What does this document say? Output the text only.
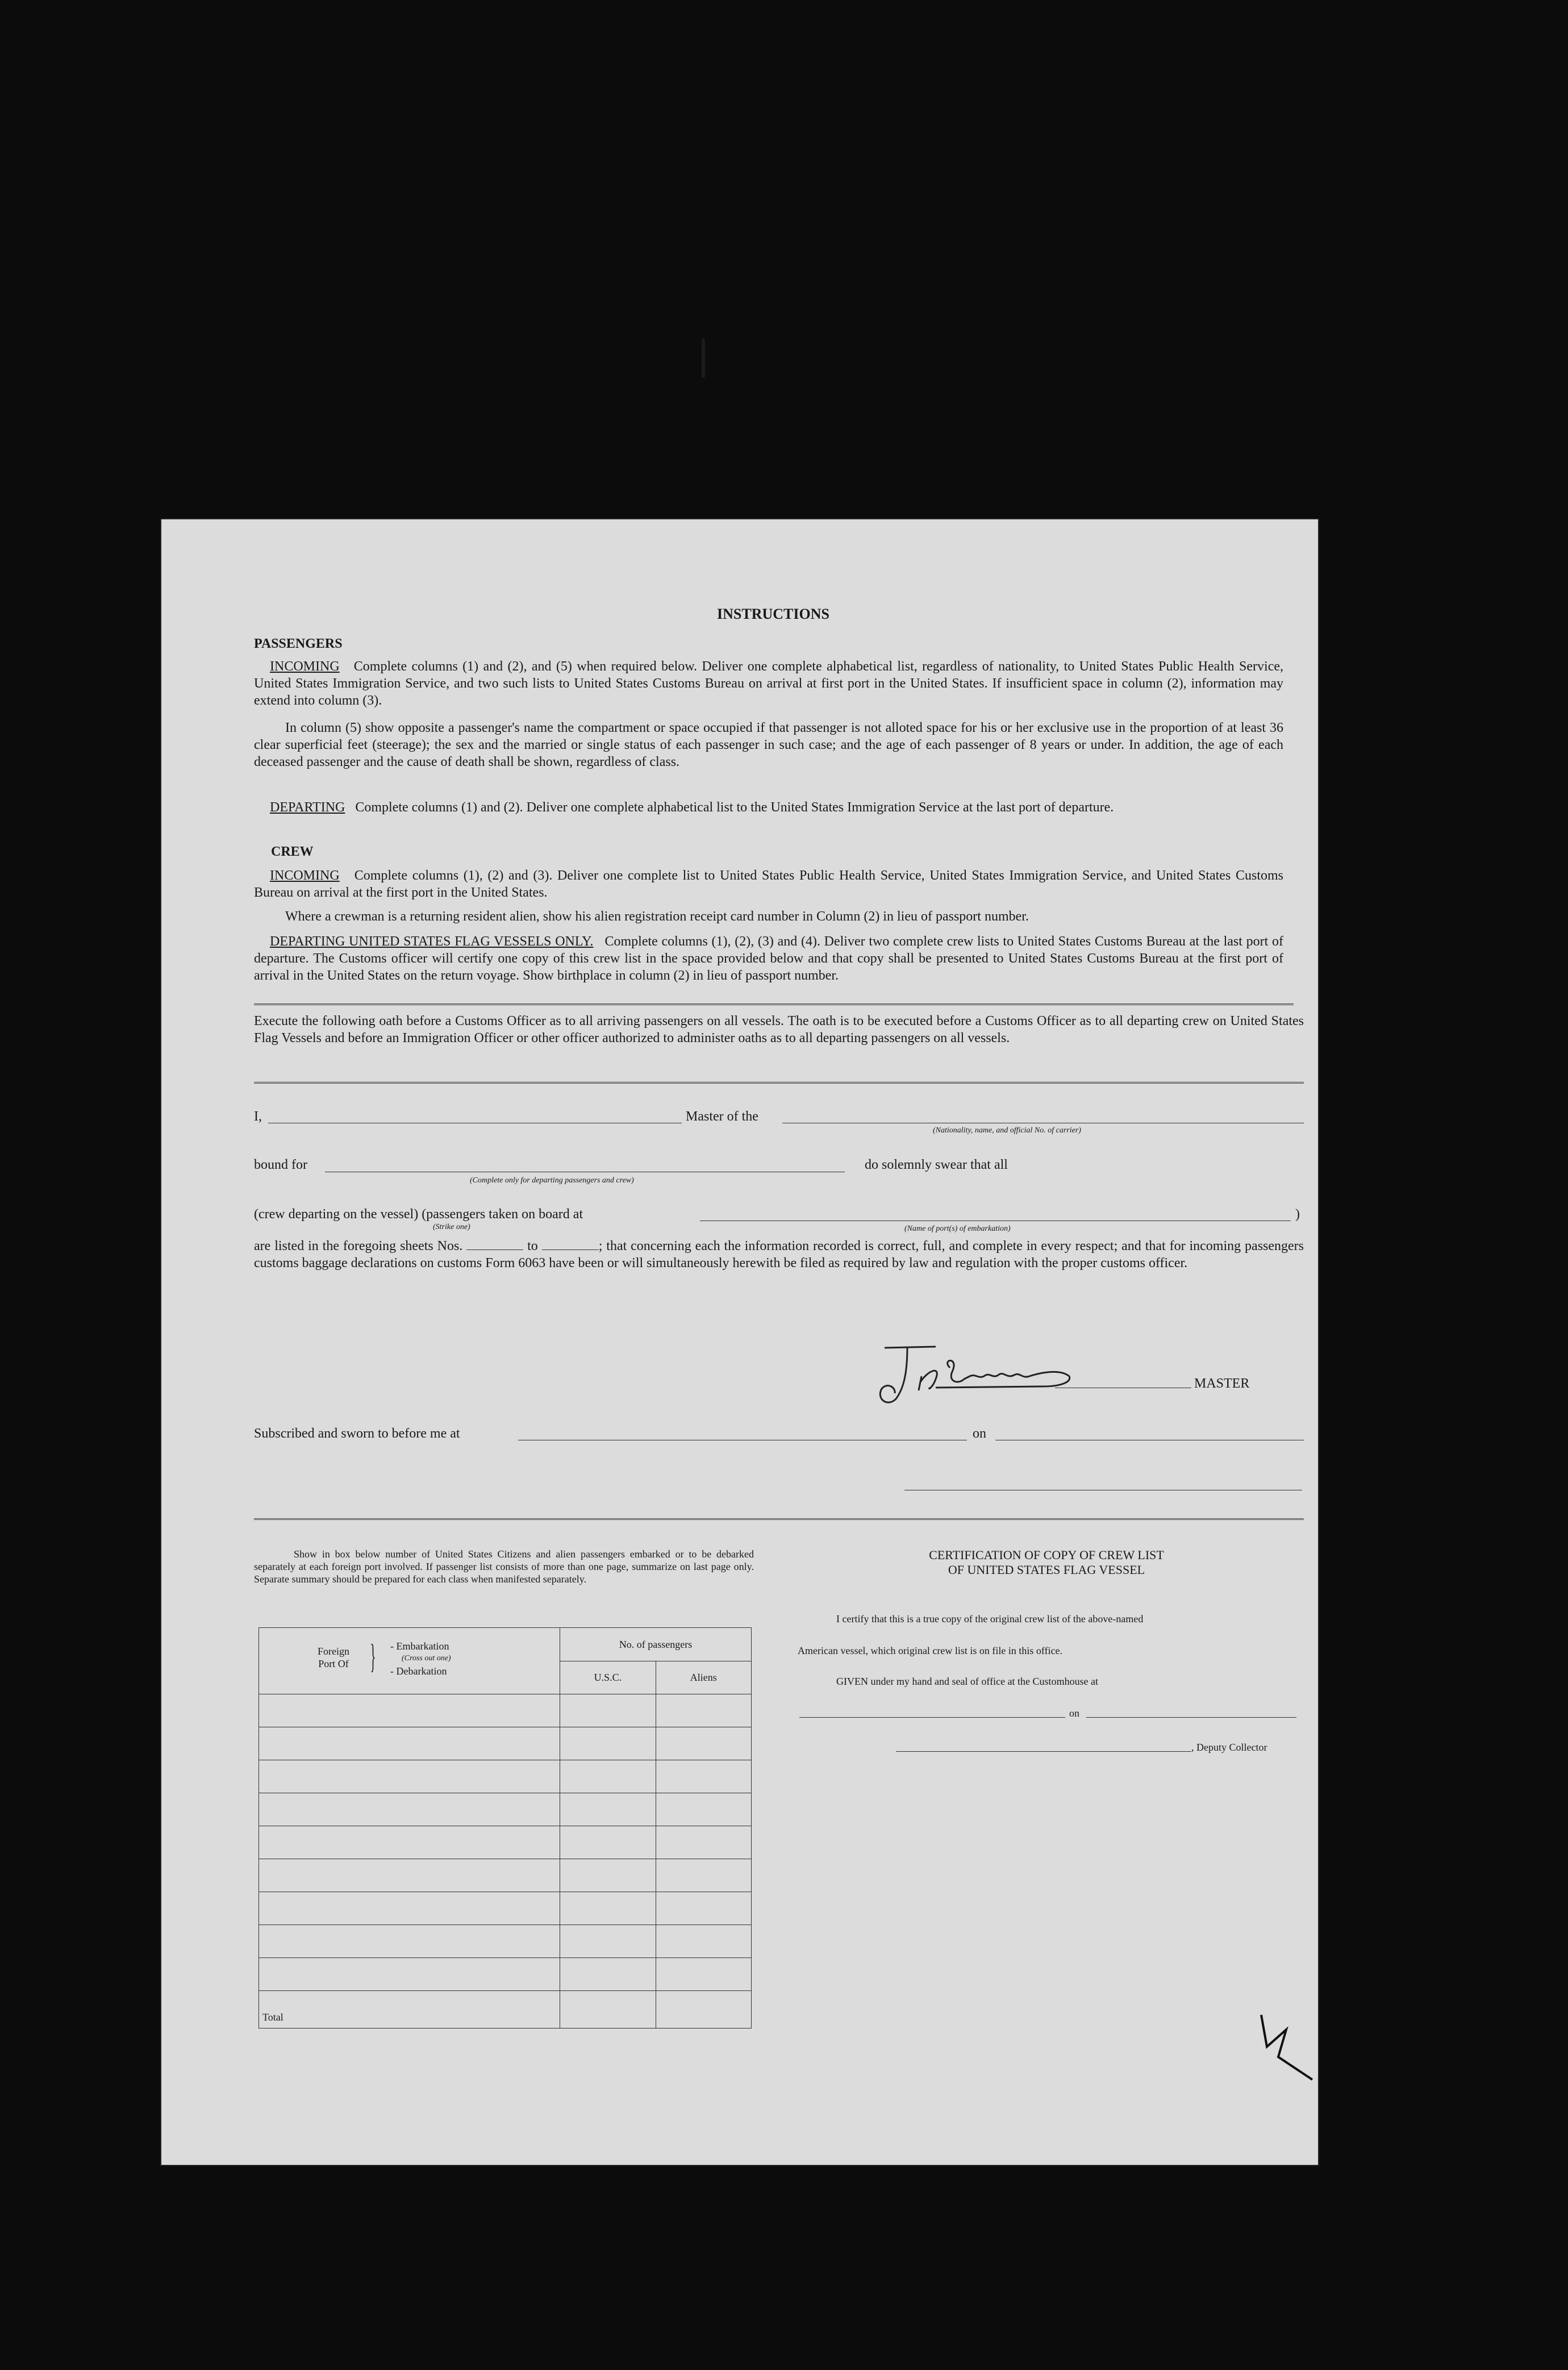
INSTRUCTIONS
PASSENGERS
INCOMING Complete columns (1) and (2), and (5) when required below. Deliver one complete alphabetical list, regardless of nationality, to United States Public Health Service, United States Immigration Service, and two such lists to United States Customs Bureau on arrival at first port in the United States. If insufficient space in column (2), information may extend into column (3).
In column (5) show opposite a passenger's name the compartment or space occupied if that passenger is not alloted space for his or her exclusive use in the proportion of at least 36 clear superficial feet (steerage); the sex and the married or single status of each passenger in such case; and the age of each passenger of 8 years or under. In addition, the age of each deceased passenger and the cause of death shall be shown, regardless of class.
DEPARTING Complete columns (1) and (2). Deliver one complete alphabetical list to the United States Immigration Service at the last port of departure.
CREW
INCOMING Complete columns (1), (2) and (3). Deliver one complete list to United States Public Health Service, United States Immigration Service, and United States Customs Bureau on arrival at the first port in the United States.
Where a crewman is a returning resident alien, show his alien registration receipt card number in Column (2) in lieu of passport number.
DEPARTING UNITED STATES FLAG VESSELS ONLY. Complete columns (1), (2), (3) and (4). Deliver two complete crew lists to United States Customs Bureau at the last port of departure. The Customs officer will certify one copy of this crew list in the space provided below and that copy shall be presented to United States Customs Bureau at the first port of arrival in the United States on the return voyage. Show birthplace in column (2) in lieu of passport number.
Execute the following oath before a Customs Officer as to all arriving passengers on all vessels. The oath is to be executed before a Customs Officer as to all departing crew on United States Flag Vessels and before an Immigration Officer or other officer authorized to administer oaths as to all departing passengers on all vessels.
I,	Master of the
(Nationality, name, and official No. of carrier)
bound for
(Complete only for departing passengers and crew)
do solemnly swear that all
(crew departing on the vessel) (passengers taken on board at
(Strike one)	(Name of port(s) of embarkation)
)
are listed in the foregoing sheets Nos.	to	; that concerning each the information recorded is correct, full, and complete in every respect; and that for incoming passengers customs baggage declarations on customs Form 6063 have been or will simultaneously herewith be filed as required by law and regulation with the proper customs officer.
MASTER
Subscribed and sworn to before me at	on
Show in box below number of United States Citizens and alien passengers embarked or to be debarked separately at each foreign port involved. If passenger list consists of more than one page, summarize on last page only. Separate summary should be prepared for each class when manifested separately.
Foreign Port Of } - Embarkation
(Cross out one)
- Debarkation	No. of passengers	
	U.S.C.	Aliens

Total		
CERTIFICATION OF COPY OF CREW LIST
OF UNITED STATES FLAG VESSEL
I certify that this is a true copy of the original crew list of the above-named
American vessel, which original crew list is on file in this office.
GIVEN under my hand and seal of office at the Customhouse at
on
, Deputy Collector
